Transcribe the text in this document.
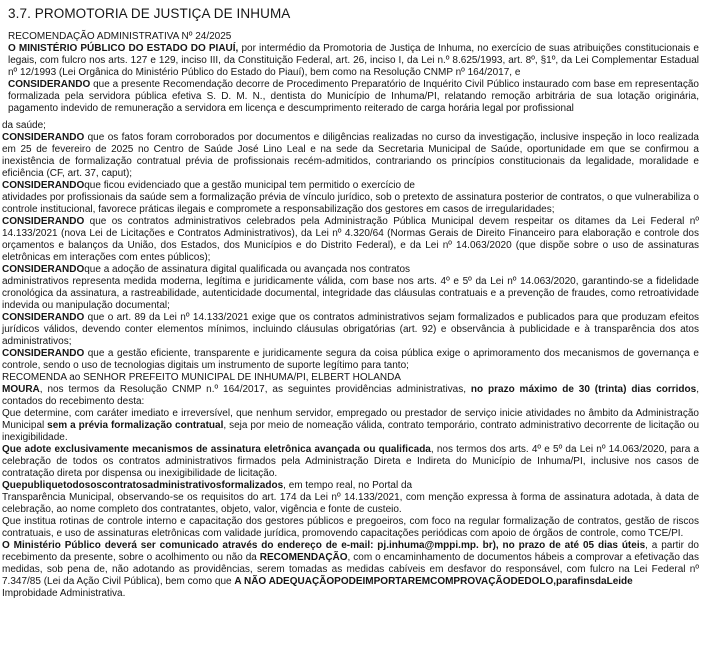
3.7. PROMOTORIA DE JUSTIÇA DE INHUMA

RECOMENDAÇÃO ADMINISTRATIVA Nº 24/2025

O MINISTÉRIO PÚBLICO DO ESTADO DO PIAUÍ, por intermédio da Promotoria de Justiça de Inhuma, no exercício de suas atribuições constitucionais e legais, com fulcro nos arts. 127 e 129, inciso III, da Constituição Federal, art. 26, inciso I, da Lei n.º 8.625/1993, art. 8º, §1º, da Lei Complementar Estadual nº 12/1993 (Lei Orgânica do Ministério Público do Estado do Piauí), bem como na Resolução CNMP nº 164/2017, e

CONSIDERANDO que a presente Recomendação decorre de Procedimento Preparatório de Inquérito Civil Público instaurado com base em representação formalizada pela servidora pública efetiva S. D. M. N., dentista do Município de Inhuma/PI, relatando remoção arbitrária de sua lotação originária, pagamento indevido de remuneração a servidora em licença e descumprimento reiterado de carga horária legal por profissional

da saúde;

CONSIDERANDO que os fatos foram corroborados por documentos e diligências realizadas no curso da investigação, inclusive inspeção in loco realizada em 25 de fevereiro de 2025 no Centro de Saúde José Lino Leal e na sede da Secretaria Municipal de Saúde, oportunidade em que se confirmou a inexistência de formalização contratual prévia de profissionais recém-admitidos, contrariando os princípios constitucionais da legalidade, moralidade e eficiência (CF, art. 37, caput);

CONSIDERANDOque ficou evidenciado que a gestão municipal tem permitido o exercício de
atividades por profissionais da saúde sem a formalização prévia de vínculo jurídico, sob o pretexto de assinatura posterior de contratos, o que vulnerabiliza o controle institucional, favorece práticas ilegais e compromete a responsabilização dos gestores em casos de irregularidades;

CONSIDERANDO que os contratos administrativos celebrados pela Administração Pública Municipal devem respeitar os ditames da Lei Federal nº 14.133/2021 (nova Lei de Licitações e Contratos Administrativos), da Lei nº 4.320/64 (Normas Gerais de Direito Financeiro para elaboração e controle dos orçamentos e balanços da União, dos Estados, dos Municípios e do Distrito Federal), e da Lei nº 14.063/2020 (que dispõe sobre o uso de assinaturas eletrônicas em interações com entes públicos);

CONSIDERANDOque a adoção de assinatura digital qualificada ou avançada nos contratos
administrativos representa medida moderna, legítima e juridicamente válida, com base nos arts. 4º e 5º da Lei nº 14.063/2020, garantindo-se a fidelidade cronológica da assinatura, a rastreabilidade, autenticidade documental, integridade das cláusulas contratuais e a prevenção de fraudes, como retroatividade indevida ou manipulação documental;

CONSIDERANDO que o art. 89 da Lei nº 14.133/2021 exige que os contratos administrativos sejam formalizados e publicados para que produzam efeitos jurídicos válidos, devendo conter elementos mínimos, incluindo cláusulas obrigatórias (art. 92) e observância à publicidade e à transparência dos atos administrativos;

CONSIDERANDO que a gestão eficiente, transparente e juridicamente segura da coisa pública exige o aprimoramento dos mecanismos de governança e controle, sendo o uso de tecnologias digitais um instrumento de suporte legítimo para tanto;

RECOMENDA ao SENHOR PREFEITO MUNICIPAL DE INHUMA/PI, ELBERT HOLANDA
MOURA, nos termos da Resolução CNMP n.º 164/2017, as seguintes providências administrativas, no prazo máximo de 30 (trinta) dias corridos, contados do recebimento desta:

Que determine, com caráter imediato e irreversível, que nenhum servidor, empregado ou prestador de serviço inicie atividades no âmbito da Administração Municipal sem a prévia formalização contratual, seja por meio de nomeação válida, contrato temporário, contrato administrativo decorrente de licitação ou inexigibilidade.

Que adote exclusivamente mecanismos de assinatura eletrônica avançada ou qualificada, nos termos dos arts. 4º e 5º da Lei nº 14.063/2020, para a celebração de todos os contratos administrativos firmados pela Administração Direta e Indireta do Município de Inhuma/PI, inclusive nos casos de contratação direta por dispensa ou inexigibilidade de licitação.

Quepubliquetodososcontratosadministrativosformalizados, em tempo real, no Portal da
Transparência Municipal, observando-se os requisitos do art. 174 da Lei nº 14.133/2021, com menção expressa à forma de assinatura adotada, à data de celebração, ao nome completo dos contratantes, objeto, valor, vigência e fonte de custeio.

Que institua rotinas de controle interno e capacitação dos gestores públicos e pregoeiros, com foco na regular formalização de contratos, gestão de riscos contratuais, e uso de assinaturas eletrônicas com validade jurídica, promovendo capacitações periódicas com apoio de órgãos de controle, como TCE/PI.

O Ministério Público deverá ser comunicado através do endereço de e-mail: pj.inhuma@mppi.mp. br), no prazo de até 05 dias úteis, a partir do recebimento da presente, sobre o acolhimento ou não da RECOMENDAÇÃO, com o encaminhamento de documentos hábeis a comprovar a efetivação das medidas, sob pena de, não adotando as providências, serem tomadas as medidas cabíveis em desfavor do responsável, com fulcro na Lei Federal nº 7.347/85 (Lei da Ação Civil Pública), bem como que A NÃO ADEQUAÇÃOPODEIMPORTAREMCOMPROVAÇÃODEDOLO,parafinsdaLeide
Improbidade Administrativa.
